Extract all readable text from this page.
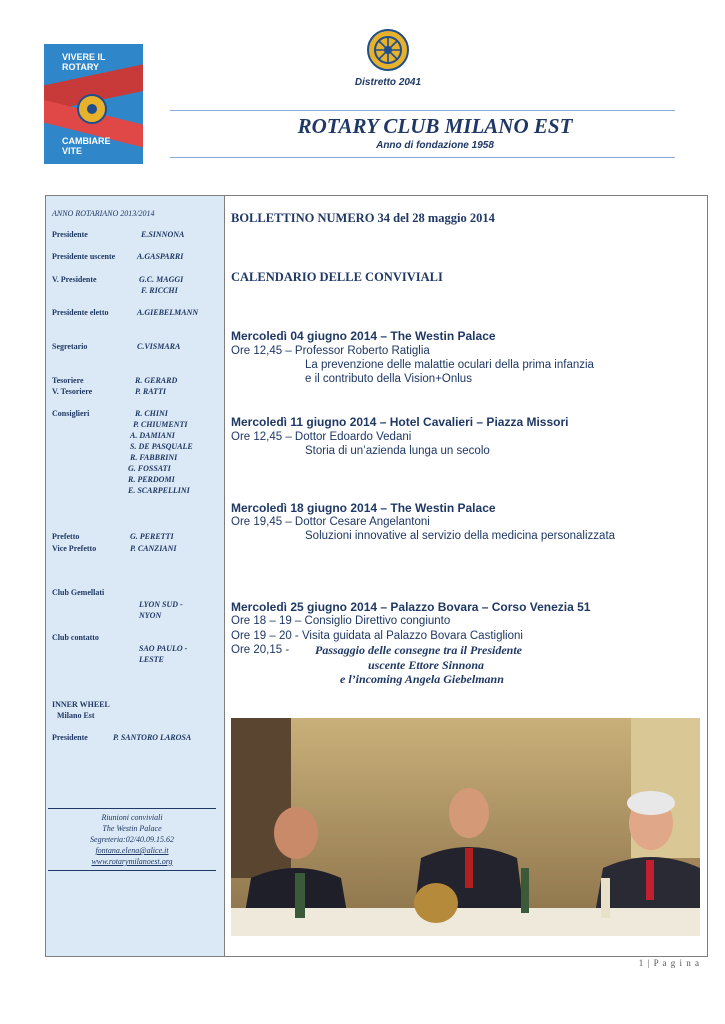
VIVERE IL
ROTARY
CAMBIARE
VITE
Distretto 2041
ROTARY CLUB MILANO EST
Anno di fondazione 1958
ANNO ROTARIANO 2013/2014
Presidente	E.SINNONA
Presidente uscente	A.GASPARRI
V. Presidente	G.C. MAGGI
F. RICCHI
Presidente eletto	A.GIEBELMANN
Segretario	C.VISMARA
Tesoriere	R. GERARD
V. Tesoriere	P. RATTI
Consiglieri	R. CHINI
P. CHIUMENTI
A. DAMIANI
S. DE PASQUALE
R. FABBRINI
G. FOSSATI
R. PERDOMI
E. SCARPELLINI
Prefetto	G. PERETTI
Vice Prefetto	P. CANZIANI
Club Gemellati
LYON SUD -
NYON
Club contatto
SAO PAULO -
LESTE
INNER WHEEL
Milano Est
Presidente	P. SANTORO LAROSA
Riunioni conviviali
The Westin Palace
Segreteria:02/40.09.15.62
fontana.elena@alice.it
www.rotarymilanoest.org
BOLLETTINO NUMERO 34 del 28 maggio 2014
CALENDARIO DELLE CONVIVIALI
Mercoledì 04 giugno 2014 – The Westin Palace
Ore 12,45 – Professor Roberto Ratiglia
La prevenzione delle malattie oculari della prima infanzia
e il contributo della Vision+Onlus
Mercoledì 11 giugno 2014 – Hotel Cavalieri – Piazza Missori
Ore 12,45 – Dottor Edoardo Vedani
Storia di un’azienda lunga un secolo
Mercoledì 18 giugno 2014 – The Westin Palace
Ore 19,45 – Dottor Cesare Angelantoni
Soluzioni innovative al servizio della medicina personalizzata
Mercoledì 25 giugno 2014 – Palazzo Bovara – Corso Venezia 51
Ore 18 – 19 – Consiglio Direttivo congiunto
Ore 19 – 20 - Visita guidata al Palazzo Bovara Castiglioni
Ore 20,15 - Passaggio delle consegne tra il Presidente
uscente Ettore Sinnona
e l’incoming Angela Giebelmann
1 | P a g i n a
